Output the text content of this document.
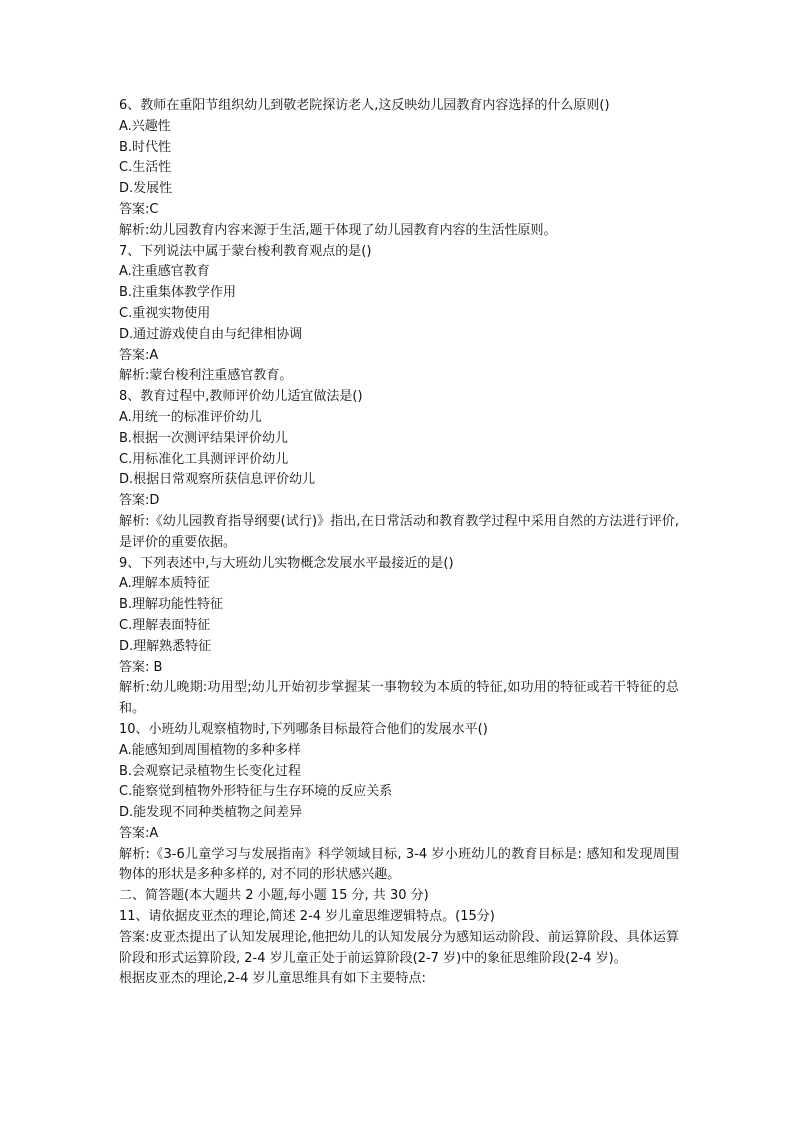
6、教师在重阳节组织幼儿到敬老院探访老人,这反映幼儿园教育内容选择的什么原则()

A.兴趣性

B.时代性

C.生活性

D.发展性

答案:C

解析:幼儿园教育内容来源于生活,题干体现了幼儿园教育内容的生活性原则。

7、下列说法中属于蒙台梭利教育观点的是()

A.注重感官教育

B.注重集体教学作用

C.重视实物使用

D.通过游戏使自由与纪律相协调

答案:A

解析:蒙台梭利注重感官教育。

8、教育过程中,教师评价幼儿适宜做法是()

A.用统一的标准评价幼儿

B.根据一次测评结果评价幼儿

C.用标准化工具测评评价幼儿

D.根据日常观察所获信息评价幼儿

答案:D

解析:《幼儿园教育指导纲要(试行)》指出,在日常活动和教育教学过程中采用自然的方法进行评价,是评价的重要依据。

9、下列表述中,与大班幼儿实物概念发展水平最接近的是()

A.理解本质特征

B.理解功能性特征

C.理解表面特征

D.理解熟悉特征

答案: B

解析:幼儿晚期:功用型;幼儿开始初步掌握某一事物较为本质的特征,如功用的特征或若干特征的总和。

10、小班幼儿观察植物时,下列哪条目标最符合他们的发展水平()

A.能感知到周围植物的多种多样

B.会观察记录植物生长变化过程

C.能察觉到植物外形特征与生存环境的反应关系

D.能发现不同种类植物之间差异

答案:A

解析:《3-6儿童学习与发展指南》科学领域目标, 3-4 岁小班幼儿的教育目标是: 感知和发现周围物体的形状是多种多样的, 对不同的形状感兴趣。

二、简答题(本大题共 2 小题,每小题 15 分, 共 30 分)

11、请依据皮亚杰的理论,简述 2-4 岁儿童思维逻辑特点。(15分)

答案:皮亚杰提出了认知发展理论,他把幼儿的认知发展分为感知运动阶段、前运算阶段、具体运算阶段和形式运算阶段, 2-4 岁儿童正处于前运算阶段(2-7 岁)中的象征思维阶段(2-4 岁)。

根据皮亚杰的理论,2-4 岁儿童思维具有如下主要特点:
